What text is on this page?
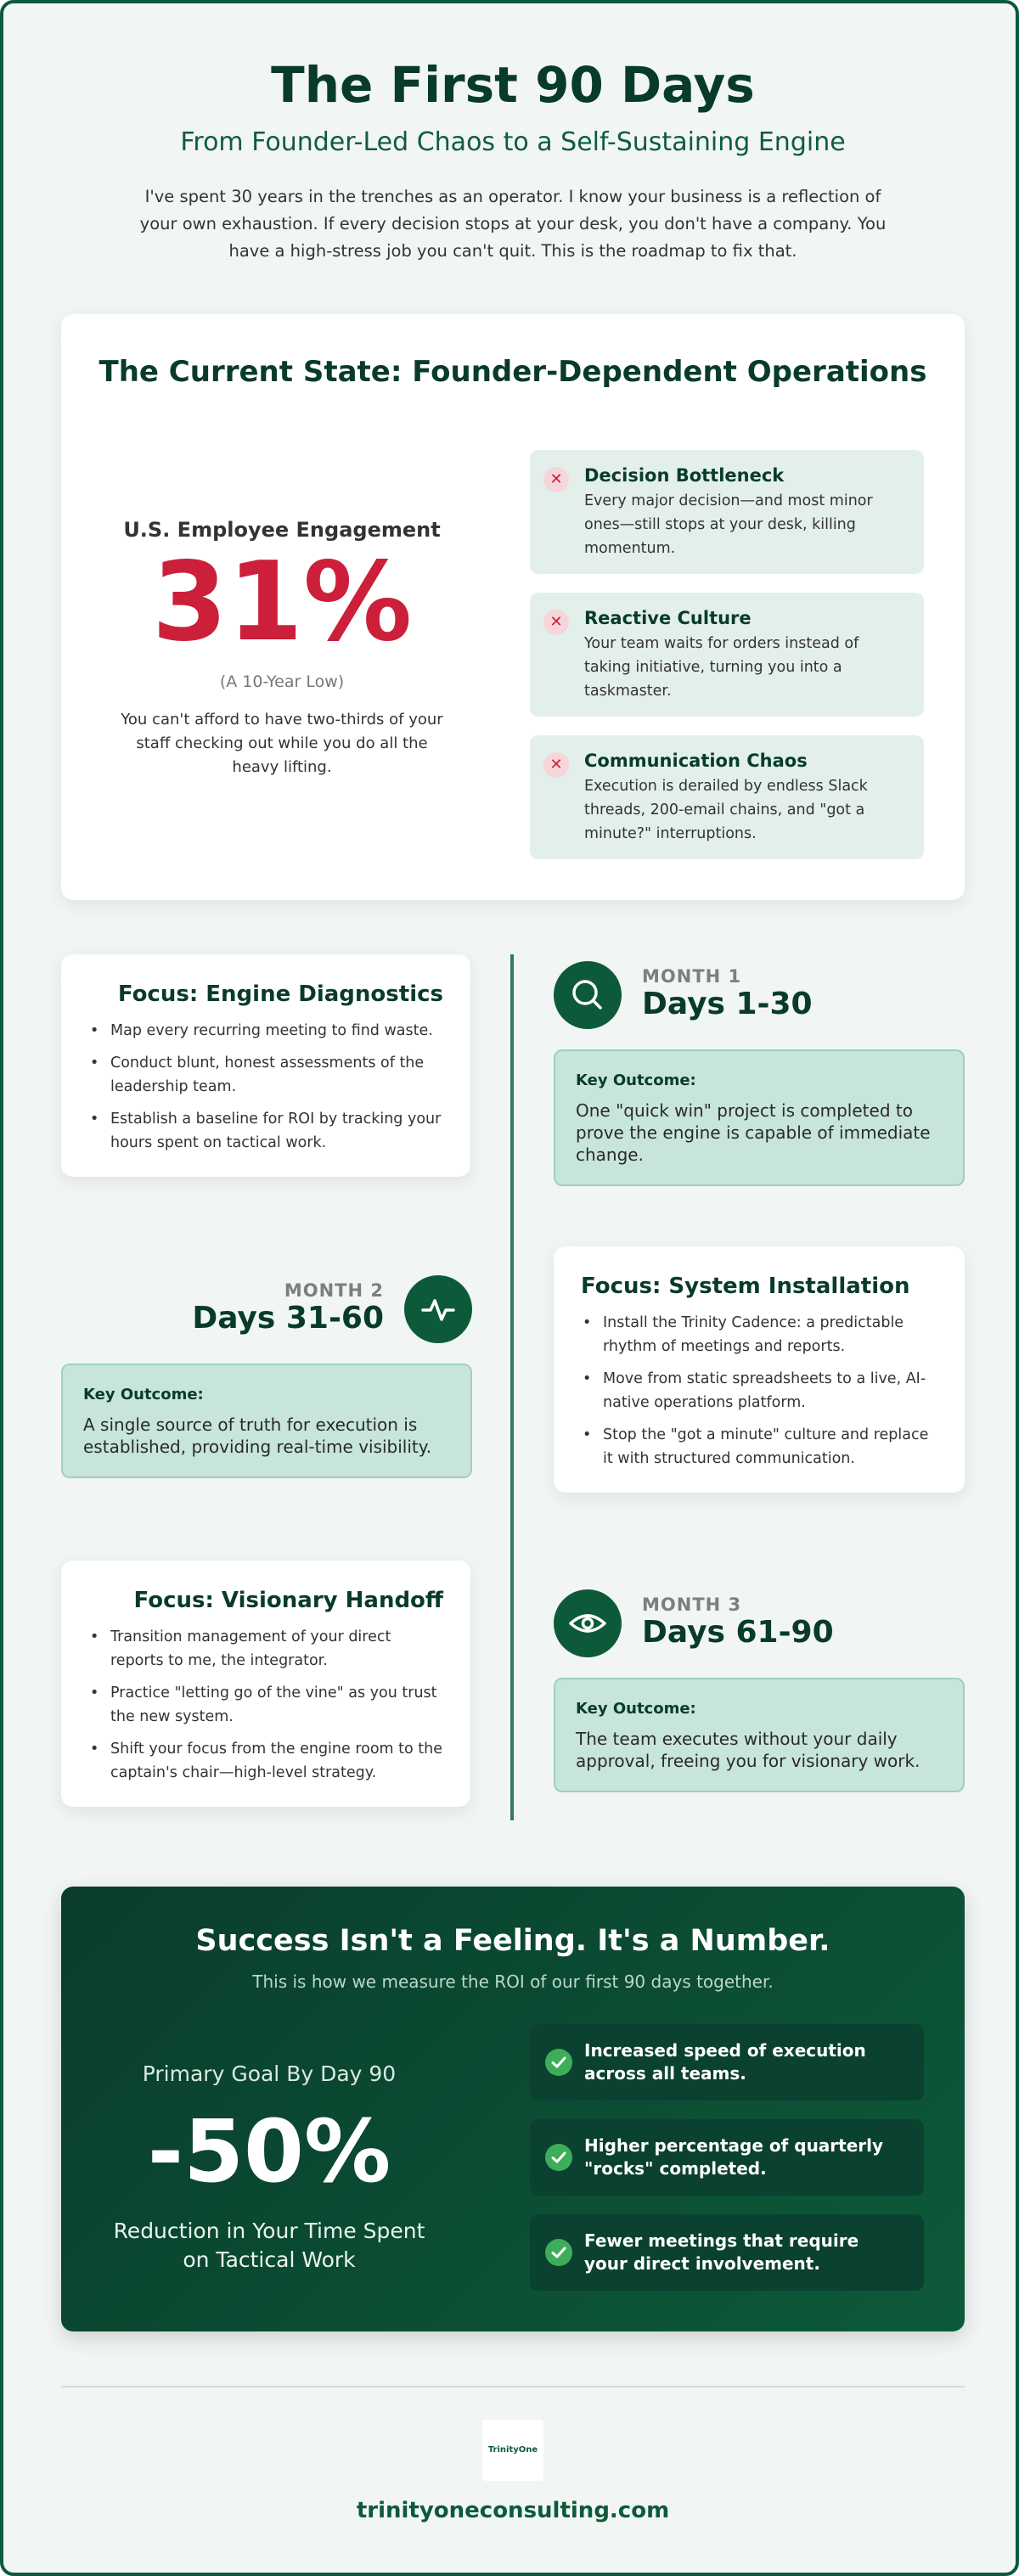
The First 90 Days
From Founder-Led Chaos to a Self-Sustaining Engine
I've spent 30 years in the trenches as an operator. I know your business is a reflection of your own exhaustion. If every decision stops at your desk, you don't have a company. You have a high-stress job you can't quit. This is the roadmap to fix that.
The Current State: Founder-Dependent Operations
U.S. Employee Engagement
31%
(A 10-Year Low)
You can't afford to have two-thirds of your staff checking out while you do all the heavy lifting.
✕	Decision Bottleneck
Every major decision—and most minor ones—still stops at your desk, killing momentum.
✕	Reactive Culture
Your team waits for orders instead of taking initiative, turning you into a taskmaster.
✕	Communication Chaos
Execution is derailed by endless Slack threads, 200-email chains, and "got a minute?" interruptions.
Focus: Engine Diagnostics
• Map every recurring meeting to find waste.
• Conduct blunt, honest assessments of the leadership team.
• Establish a baseline for ROI by tracking your hours spent on tactical work.
MONTH 1
Days 1-30
Key Outcome:
One "quick win" project is completed to prove the engine is capable of immediate change.
MONTH 2
Days 31-60
Key Outcome:
A single source of truth for execution is established, providing real-time visibility.
Focus: System Installation
• Install the Trinity Cadence: a predictable rhythm of meetings and reports.
• Move from static spreadsheets to a live, AI-native operations platform.
• Stop the "got a minute" culture and replace it with structured communication.
Focus: Visionary Handoff
• Transition management of your direct reports to me, the integrator.
• Practice "letting go of the vine" as you trust the new system.
• Shift your focus from the engine room to the captain's chair—high-level strategy.
MONTH 3
Days 61-90
Key Outcome:
The team executes without your daily approval, freeing you for visionary work.
Success Isn't a Feeling. It's a Number.
This is how we measure the ROI of our first 90 days together.
Primary Goal By Day 90
-50%
Reduction in Your Time Spent on Tactical Work
Increased speed of execution across all teams.
Higher percentage of quarterly "rocks" completed.
Fewer meetings that require your direct involvement.
TrinityOne
trinityoneconsulting.com
